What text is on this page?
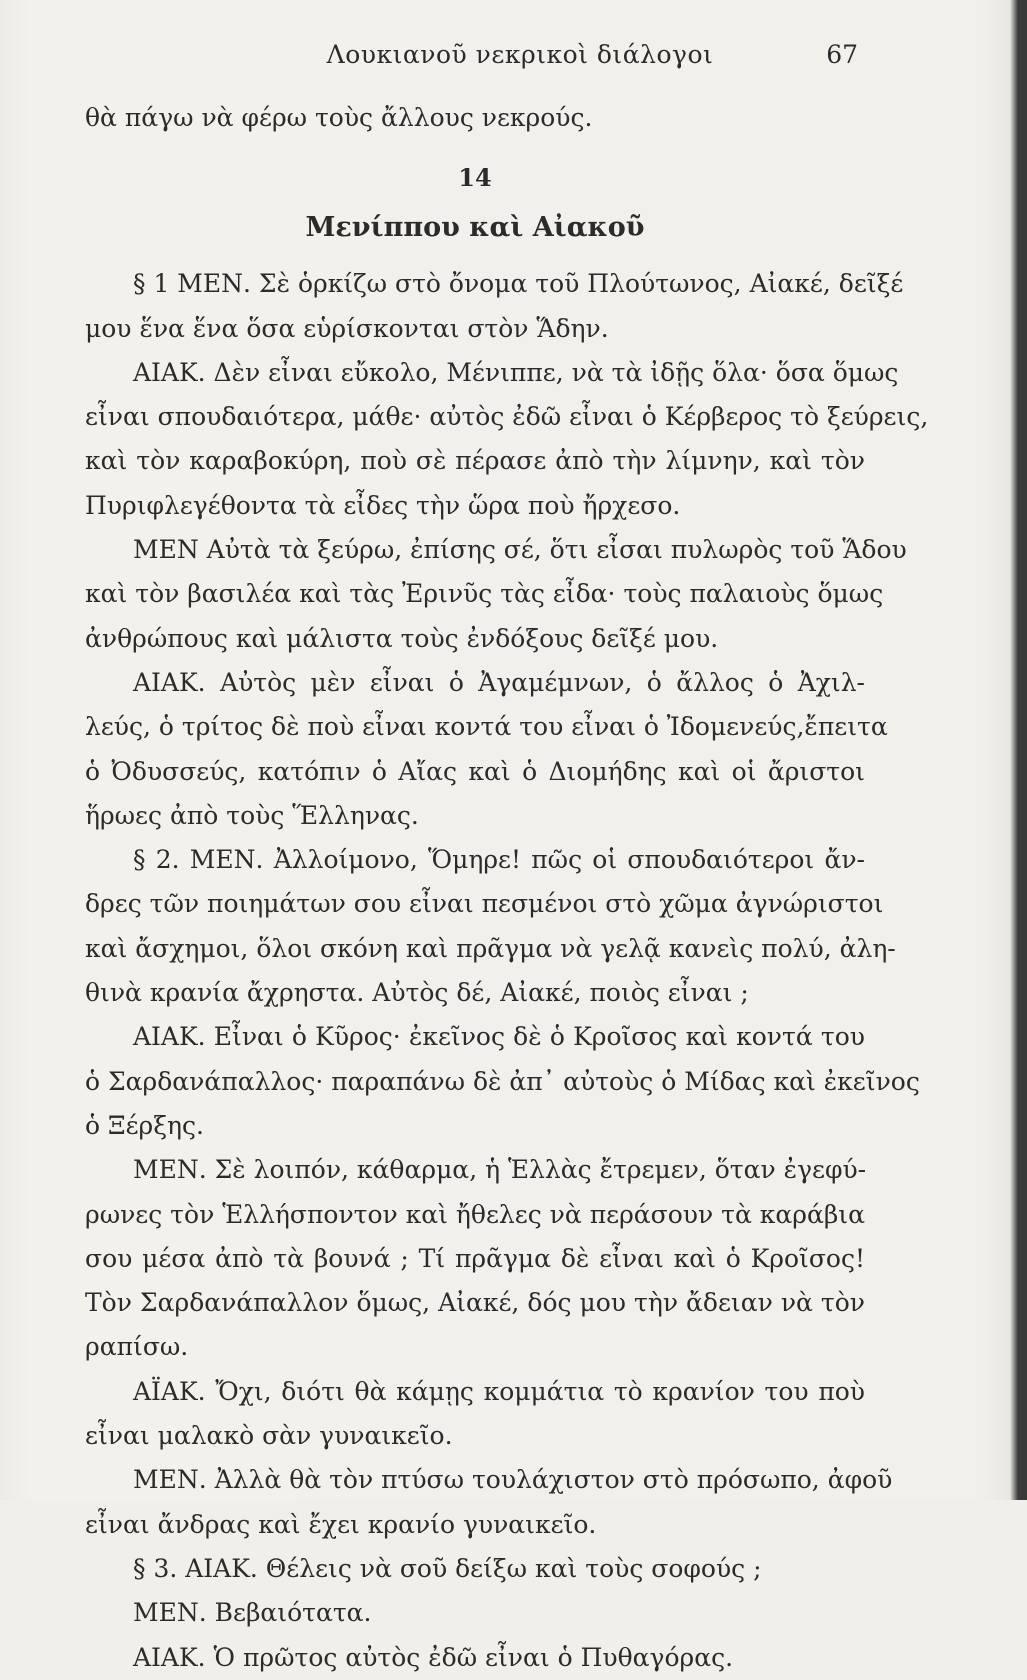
Λουκιανοῦ νεκρικοὶ διάλογοι	67
θὰ πάγω νὰ φέρω τοὺς ἄλλους νεκρούς.
14
Μενίππου καὶ Αἰακοῦ
§ 1 ΜΕΝ. Σὲ ὁρκίζω στὸ ὄνομα τοῦ Πλούτωνος, Αἰακέ, δεῖξέ
μου ἕνα ἕνα ὅσα εὑρίσκονται στὸν Ἅδην.
ΑΙΑΚ. Δὲν εἶναι εὔκολο, Μένιππε, νὰ τὰ ἰδῇς ὅλα· ὅσα ὅμως
εἶναι σπουδαιότερα, μάθε· αὐτὸς ἐδῶ εἶναι ὁ Κέρβερος τὸ ξεύρεις,
καὶ τὸν καραβοκύρη, ποὺ σὲ πέρασε ἀπὸ τὴν λίμνην, καὶ τὸν
Πυριφλεγέθοντα τὰ εἶδες τὴν ὥρα ποὺ ἤρχεσο.
ΜΕΝ Αὐτὰ τὰ ξεύρω, ἐπίσης σέ, ὅτι εἶσαι πυλωρὸς τοῦ Ἅδου
καὶ τὸν βασιλέα καὶ τὰς Ἐρινῦς τὰς εἶδα· τοὺς παλαιοὺς ὅμως
ἀνθρώπους καὶ μάλιστα τοὺς ἐνδόξους δεῖξέ μου.
ΑΙΑΚ. Αὐτὸς μὲν εἶναι ὁ Ἀγαμέμνων, ὁ ἄλλος ὁ Ἀχιλ-
λεύς, ὁ τρίτος δὲ ποὺ εἶναι κοντά του εἶναι ὁ Ἰδομενεύς,ἔπειτα
ὁ Ὀδυσσεύς, κατόπιν ὁ Αἴας καὶ ὁ Διομήδης καὶ οἱ ἄριστοι
ἥρωες ἀπὸ τοὺς Ἕλληνας.
§ 2. ΜΕΝ. Ἀλλοίμονο, Ὅμηρε! πῶς οἱ σπουδαιότεροι ἄν-
δρες τῶν ποιημάτων σου εἶναι πεσμένοι στὸ χῶμα ἀγνώριστοι
καὶ ἄσχημοι, ὅλοι σκόνη καὶ πρᾶγμα νὰ γελᾷ κανεὶς πολύ, ἀλη-
θινὰ κρανία ἄχρηστα. Αὐτὸς δέ, Αἰακέ, ποιὸς εἶναι ;
ΑΙΑΚ. Εἶναι ὁ Κῦρος· ἐκεῖνος δὲ ὁ Κροῖσος καὶ κοντά του
ὁ Σαρδανάπαλλος· παραπάνω δὲ ἀπ᾽ αὐτοὺς ὁ Μίδας καὶ ἐκεῖνος
ὁ Ξέρξης.
ΜΕΝ. Σὲ λοιπόν, κάθαρμα, ἡ Ἑλλὰς ἔτρεμεν, ὅταν ἐγεφύ-
ρωνες τὸν Ἑλλήσποντον καὶ ἤθελες νὰ περάσουν τὰ καράβια
σου μέσα ἀπὸ τὰ βουνά ; Τί πρᾶγμα δὲ εἶναι καὶ ὁ Κροῖσος!
Τὸν Σαρδανάπαλλον ὅμως, Αἰακέ, δός μου τὴν ἄδειαν νὰ τὸν
ραπίσω.
ΑΪΑΚ. Ὄχι, διότι θὰ κάμῃς κομμάτια τὸ κρανίον του ποὺ
εἶναι μαλακὸ σὰν γυναικεῖο.
ΜΕΝ. Ἀλλὰ θὰ τὸν πτύσω τουλάχιστον στὸ πρόσωπο, ἀφοῦ
εἶναι ἄνδρας καὶ ἔχει κρανίο γυναικεῖο.
§ 3. ΑΙΑΚ. Θέλεις νὰ σοῦ δείξω καὶ τοὺς σοφούς ;
ΜΕΝ. Βεβαιότατα.
ΑΙΑΚ. Ὁ πρῶτος αὐτὸς ἐδῶ εἶναι ὁ Πυθαγόρας.
